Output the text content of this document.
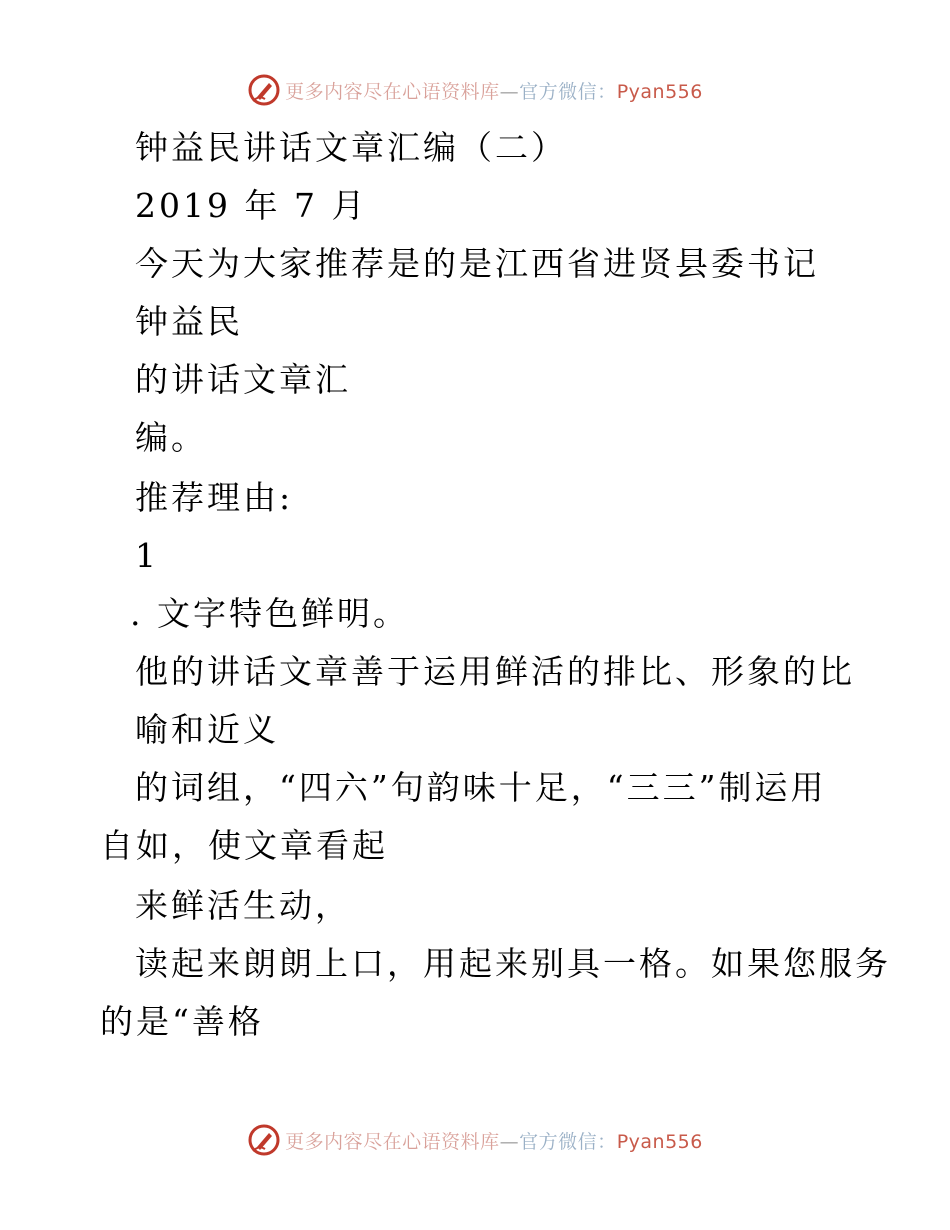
更多内容尽在心语资料库—官方微信：Pyan556
钟益民讲话文章汇编（二）
2019 年 7 月
今天为大家推荐是的是江西省进贤县委书记
钟益民
的讲话文章汇
编。
推荐理由:
1
. 文字特色鲜明。
他的讲话文章善于运用鲜活的排比、形象的比
喻和近义
的词组，“四六”句韵味十足，“三三”制运用
自如，使文章看起
来鲜活生动，
读起来朗朗上口，用起来别具一格。如果您服务
的是“善格
更多内容尽在心语资料库—官方微信：Pyan556
